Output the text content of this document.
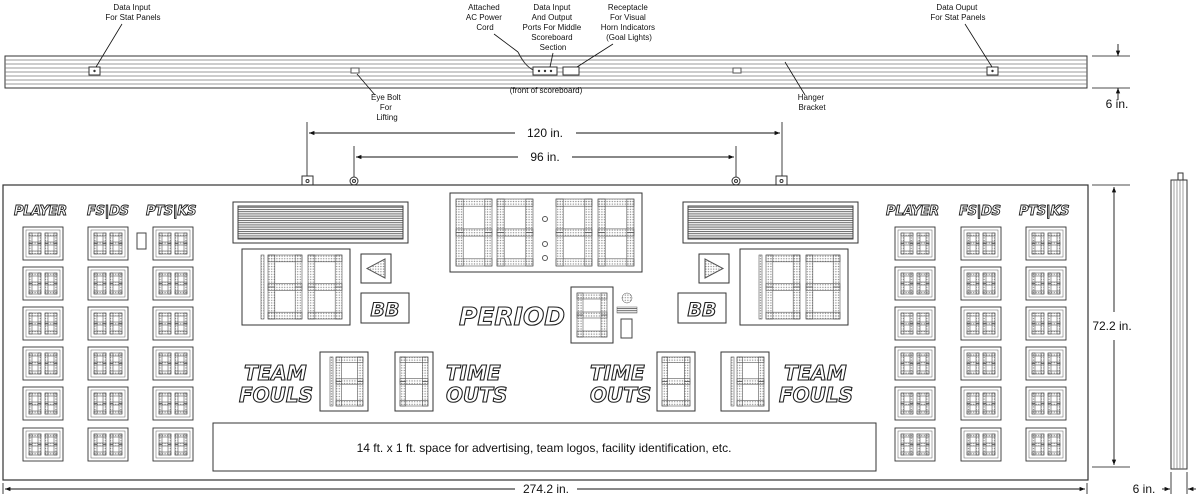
Data Input For Stat Panels
Attached AC Power Cord
Data Input And Output Ports For Middle Scoreboard Section
Receptacle For Visual Horn Indicators (Goal Lights)
Data Ouput For Stat Panels
Eye Bolt For Lifting
Hanger Bracket
(front of scoreboard)
6 in.
120 in.
96 in.
PLAYER FS|DS PTS|KS	PLAYER FS|DS PTS|KS
BB	BB
PERIOD
TEAM FOULS
TIME OUTS
TIME OUTS
TEAM FOULS
14 ft. x 1 ft. space for advertising, team logos, facility identification, etc.
72.2 in.
274.2 in.	6 in.
